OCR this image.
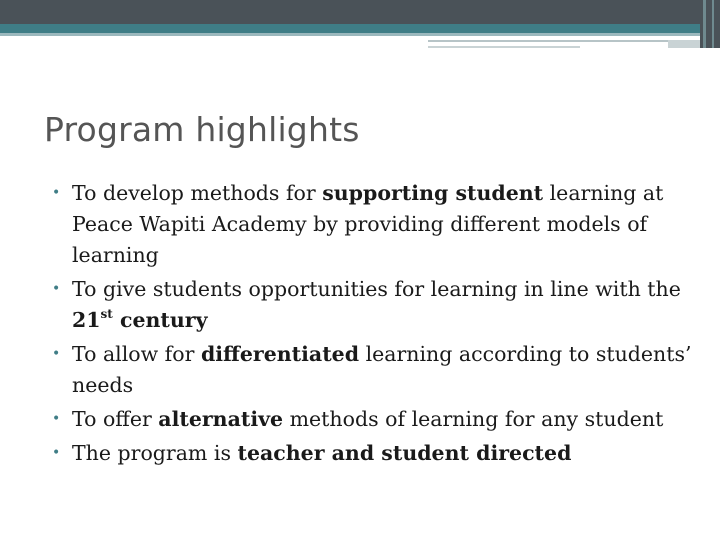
Program highlights
• To develop methods for supporting student learning at Peace Wapiti Academy by providing different models of learning
• To give students opportunities for learning in line with the 21st century
• To allow for differentiated learning according to students’ needs
• To offer alternative methods of learning for any student
• The program is teacher and student directed
